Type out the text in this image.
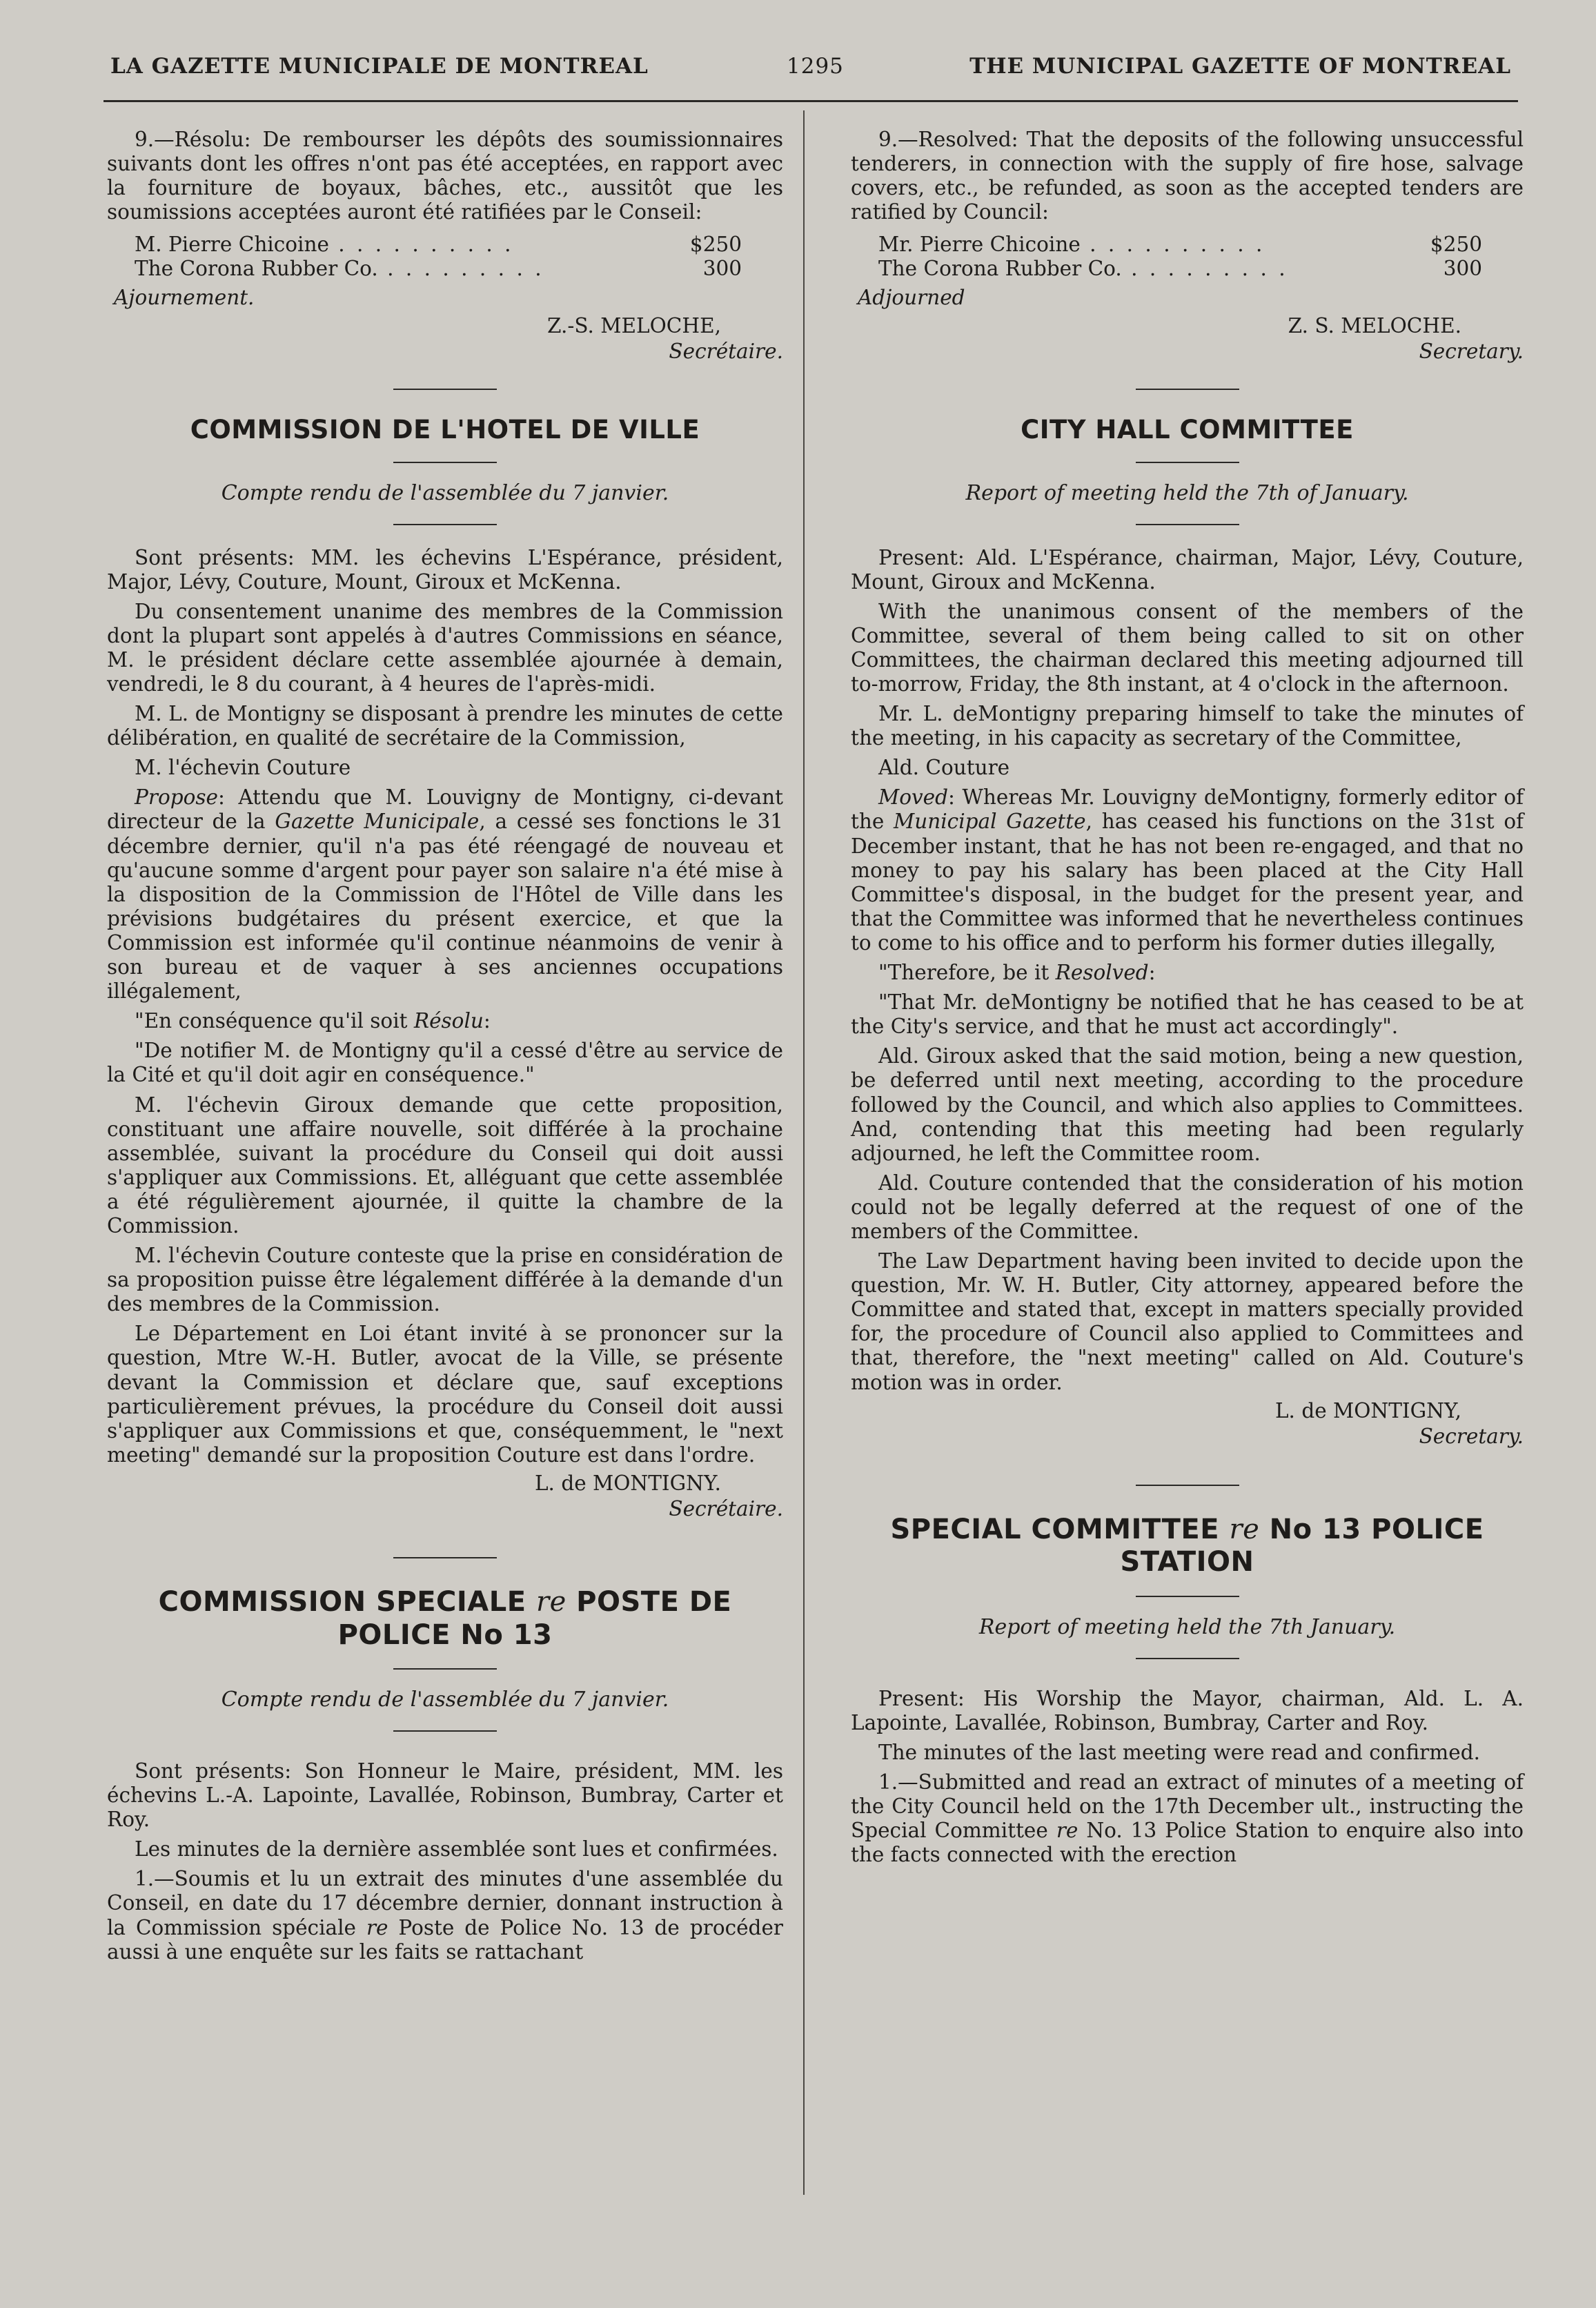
LA GAZETTE MUNICIPALE DE MONTREAL	1295	THE MUNICIPAL GAZETTE OF MONTREAL

9.—Résolu: De rembourser les dépôts des soumissionnaires suivants dont les offres n'ont pas été acceptées, en rapport avec la fourniture de boyaux, bâches, etc., aussitôt que les soumissions acceptées auront été ratifiées par le Conseil:

M. Pierre Chicoine . . .	$250
The Corona Rubber Co. . . .	300
Ajournement.
Z.-S. MELOCHE,
Secrétaire.
COMMISSION DE L'HOTEL DE VILLE
Compte rendu de l'assemblée du 7 janvier.

Sont présents: MM. les échevins L'Espérance, président, Major, Lévy, Couture, Mount, Giroux et McKenna.

Du consentement unanime des membres de la Commission dont la plupart sont appelés à d'autres Commissions en séance, M. le président déclare cette assemblée ajournée à demain, vendredi, le 8 du courant, à 4 heures de l'après-midi.

M. L. de Montigny se disposant à prendre les minutes de cette délibération, en qualité de secrétaire de la Commission,

M. l'échevin Couture

Propose: Attendu que M. Louvigny de Montigny, ci-devant directeur de la Gazette Municipale, a cessé ses fonctions le 31 décembre dernier, qu'il n'a pas été réengagé de nouveau et qu'aucune somme d'argent pour payer son salaire n'a été mise à la disposition de la Commission de l'Hôtel de Ville dans les prévisions budgétaires du présent exercice, et que la Commission est informée qu'il continue néanmoins de venir à son bureau et de vaquer à ses anciennes occupations illégalement,

"En conséquence qu'il soit Résolu:

"De notifier M. de Montigny qu'il a cessé d'être au service de la Cité et qu'il doit agir en conséquence."

M. l'échevin Giroux demande que cette proposition, constituant une affaire nouvelle, soit différée à la prochaine assemblée, suivant la procédure du Conseil qui doit aussi s'appliquer aux Commissions. Et, alléguant que cette assemblée a été régulièrement ajournée, il quitte la chambre de la Commission.

M. l'échevin Couture conteste que la prise en considération de sa proposition puisse être légalement différée à la demande d'un des membres de la Commission.

Le Département en Loi étant invité à se prononcer sur la question, Mtre W.-H. Butler, avocat de la Ville, se présente devant la Commission et déclare que, sauf exceptions particulièrement prévues, la procédure du Conseil doit aussi s'appliquer aux Commissions et que, conséquemment, le "next meeting" demandé sur la proposition Couture est dans l'ordre.

L. de MONTIGNY.
Secrétaire.
COMMISSION SPECIALE re POSTE DE POLICE No 13
Compte rendu de l'assemblée du 7 janvier.

Sont présents: Son Honneur le Maire, président, MM. les échevins L.-A. Lapointe, Lavallée, Robinson, Bumbray, Carter et Roy.

Les minutes de la dernière assemblée sont lues et confirmées.

1.—Soumis et lu un extrait des minutes d'une assemblée du Conseil, en date du 17 décembre dernier, donnant instruction à la Commission spéciale re Poste de Police No. 13 de procéder aussi à une enquête sur les faits se rattachant

9.—Resolved: That the deposits of the following unsuccessful tenderers, in connection with the supply of fire hose, salvage covers, etc., be refunded, as soon as the accepted tenders are ratified by Council:

Mr. Pierre Chicoine . . .	$250
The Corona Rubber Co. . . .	300
Adjourned
Z. S. MELOCHE.
Secretary.
CITY HALL COMMITTEE
Report of meeting held the 7th of January.

Present: Ald. L'Espérance, chairman, Major, Lévy, Couture, Mount, Giroux and McKenna.

With the unanimous consent of the members of the Committee, several of them being called to sit on other Committees, the chairman declared this meeting adjourned till to-morrow, Friday, the 8th instant, at 4 o'clock in the afternoon.

Mr. L. deMontigny preparing himself to take the minutes of the meeting, in his capacity as secretary of the Committee,

Ald. Couture

Moved: Whereas Mr. Louvigny deMontigny, formerly editor of the Municipal Gazette, has ceased his functions on the 31st of December instant, that he has not been re-engaged, and that no money to pay his salary has been placed at the City Hall Committee's disposal, in the budget for the present year, and that the Committee was informed that he nevertheless continues to come to his office and to perform his former duties illegally,

"Therefore, be it Resolved:

"That Mr. deMontigny be notified that he has ceased to be at the City's service, and that he must act accordingly".

Ald. Giroux asked that the said motion, being a new question, be deferred until next meeting, according to the procedure followed by the Council, and which also applies to Committees. And, contending that this meeting had been regularly adjourned, he left the Committee room.

Ald. Couture contended that the consideration of his motion could not be legally deferred at the request of one of the members of the Committee.

The Law Department having been invited to decide upon the question, Mr. W. H. Butler, City attorney, appeared before the Committee and stated that, except in matters specially provided for, the procedure of Council also applied to Committees and that, therefore, the "next meeting" called on Ald. Couture's motion was in order.

L. de MONTIGNY,
Secretary.
SPECIAL COMMITTEE re No 13 POLICE STATION
Report of meeting held the 7th January.

Present: His Worship the Mayor, chairman, Ald. L. A. Lapointe, Lavallée, Robinson, Bumbray, Carter and Roy.

The minutes of the last meeting were read and confirmed.

1.—Submitted and read an extract of minutes of a meeting of the City Council held on the 17th December ult., instructing the Special Committee re No. 13 Police Station to enquire also into the facts connected with the erection
